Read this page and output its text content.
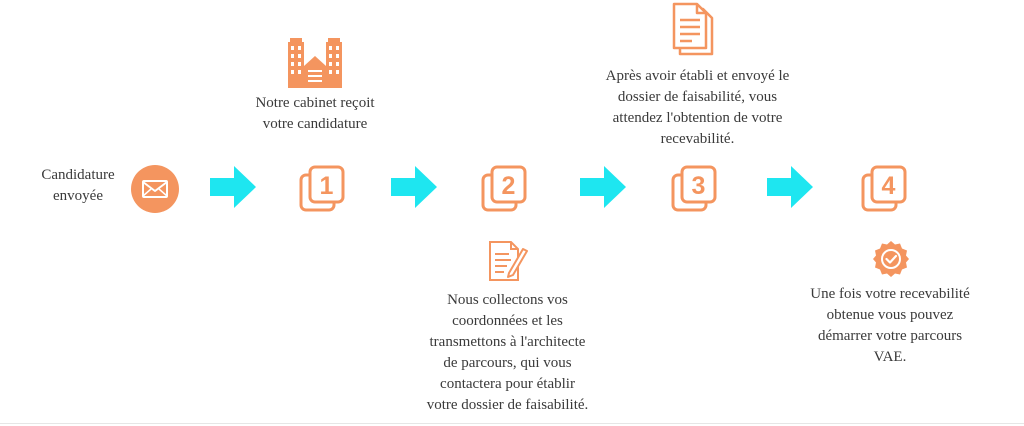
Candidature
envoyée	1	2	3	4
Notre cabinet reçoit
votre candidature
Nous collectons vos
coordonnées et les
transmettons à l'architecte
de parcours, qui vous
contactera pour établir
votre dossier de faisabilité.
Après avoir établi et envoyé le
dossier de faisabilité, vous
attendez l'obtention de votre
recevabilité.
Une fois votre recevabilité
obtenue vous pouvez
démarrer votre parcours
VAE.
